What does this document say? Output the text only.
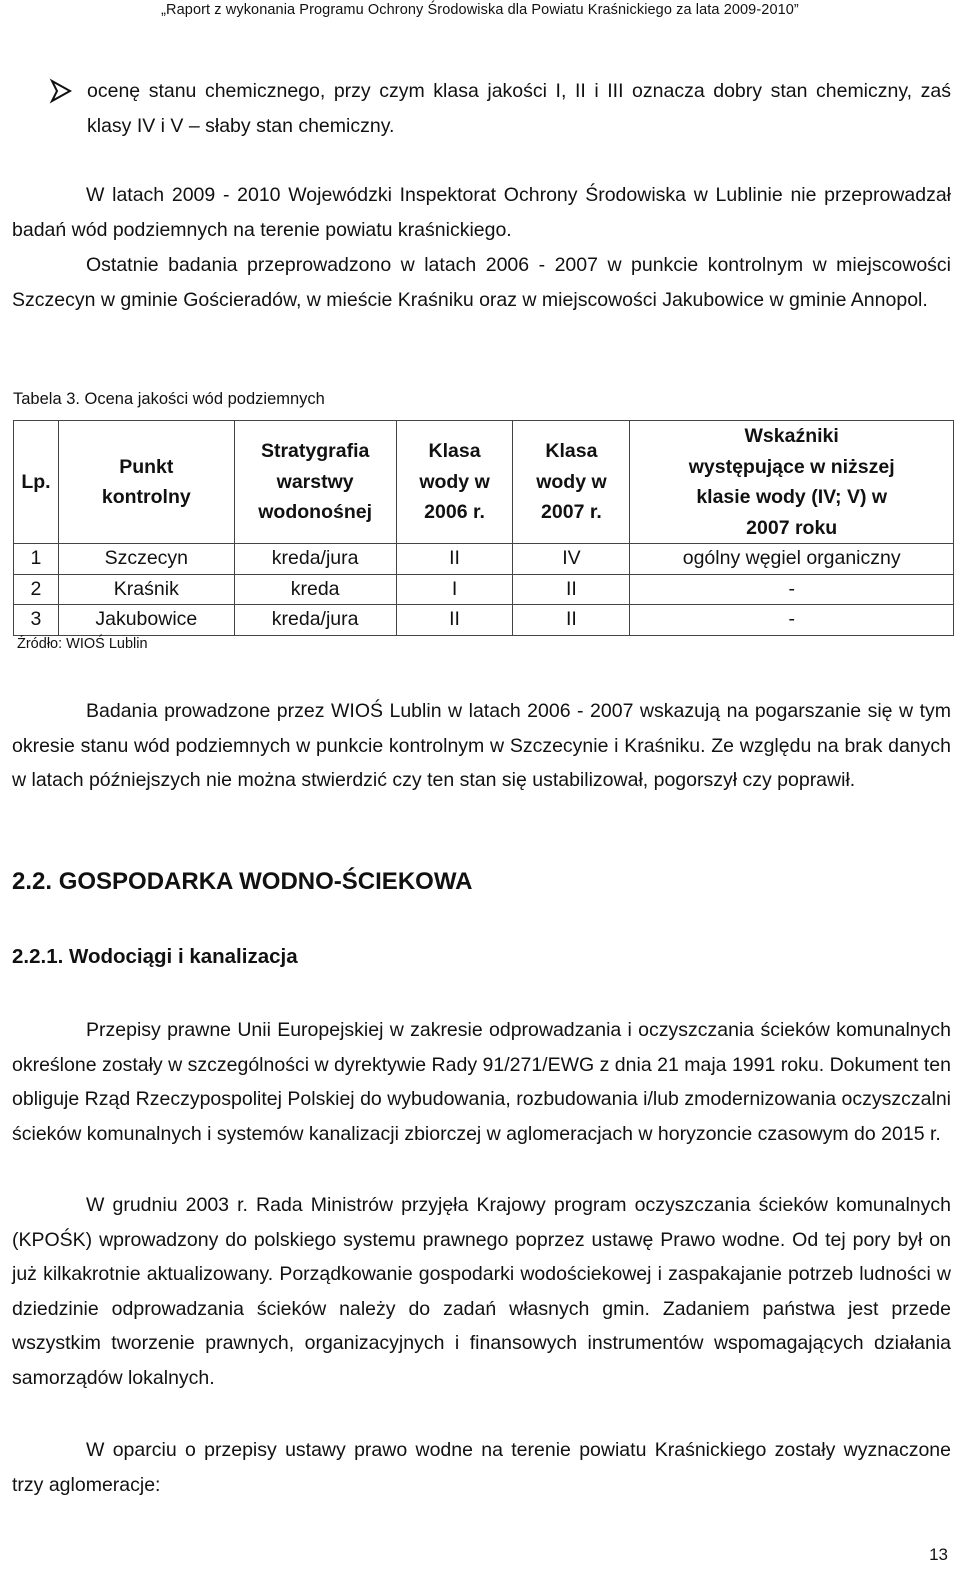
„Raport z wykonania Programu Ochrony Środowiska dla Powiatu Kraśnickiego za lata 2009-2010”
ocenę stanu chemicznego, przy czym klasa jakości I, II i III oznacza dobry stan chemiczny, zaś klasy IV i V – słaby stan chemiczny.
W latach 2009 - 2010 Wojewódzki Inspektorat Ochrony Środowiska w Lublinie nie przeprowadzał badań wód podziemnych na terenie powiatu kraśnickiego.
Ostatnie badania przeprowadzono w latach 2006 - 2007 w punkcie kontrolnym w miejscowości Szczecyn w gminie Gościeradów, w mieście Kraśniku oraz w miejscowości Jakubowice w gminie Annopol.
Tabela 3. Ocena jakości wód podziemnych
Lp.	Punkt kontrolny	Stratygrafia warstwy wodonośnej	Klasa wody w 2006 r.	Klasa wody w 2007 r.	Wskaźniki występujące w niższej klasie wody (IV; V) w 2007 roku

1	Szczecyn	kreda/jura	II	IV	ogólny węgiel organiczny
2	Kraśnik	kreda	I	II	-
3	Jakubowice	kreda/jura	II	II	-
Źródło: WIOŚ Lublin
Badania prowadzone przez WIOŚ Lublin w latach 2006 - 2007 wskazują na pogarszanie się w tym okresie stanu wód podziemnych w punkcie kontrolnym w Szczecynie i Kraśniku. Ze względu na brak danych w latach późniejszych nie można stwierdzić czy ten stan się ustabilizował, pogorszył czy poprawił.
2.2. GOSPODARKA WODNO-ŚCIEKOWA
2.2.1. Wodociągi i kanalizacja
Przepisy prawne Unii Europejskiej w zakresie odprowadzania i oczyszczania ścieków komunalnych określone zostały w szczególności w dyrektywie Rady 91/271/EWG z dnia 21 maja 1991 roku. Dokument ten obliguje Rząd Rzeczypospolitej Polskiej do wybudowania, rozbudowania i/lub zmodernizowania oczyszczalni ścieków komunalnych i systemów kanalizacji zbiorczej w aglomeracjach w horyzoncie czasowym do 2015 r.
W grudniu 2003 r. Rada Ministrów przyjęła Krajowy program oczyszczania ścieków komunalnych (KPOŚK) wprowadzony do polskiego systemu prawnego poprzez ustawę Prawo wodne. Od tej pory był on już kilkakrotnie aktualizowany. Porządkowanie gospodarki wodościekowej i zaspakajanie potrzeb ludności w dziedzinie odprowadzania ścieków należy do zadań własnych gmin. Zadaniem państwa jest przede wszystkim tworzenie prawnych, organizacyjnych i finansowych instrumentów wspomagających działania samorządów lokalnych.
W oparciu o przepisy ustawy prawo wodne na terenie powiatu Kraśnickiego zostały wyznaczone trzy aglomeracje:
13
